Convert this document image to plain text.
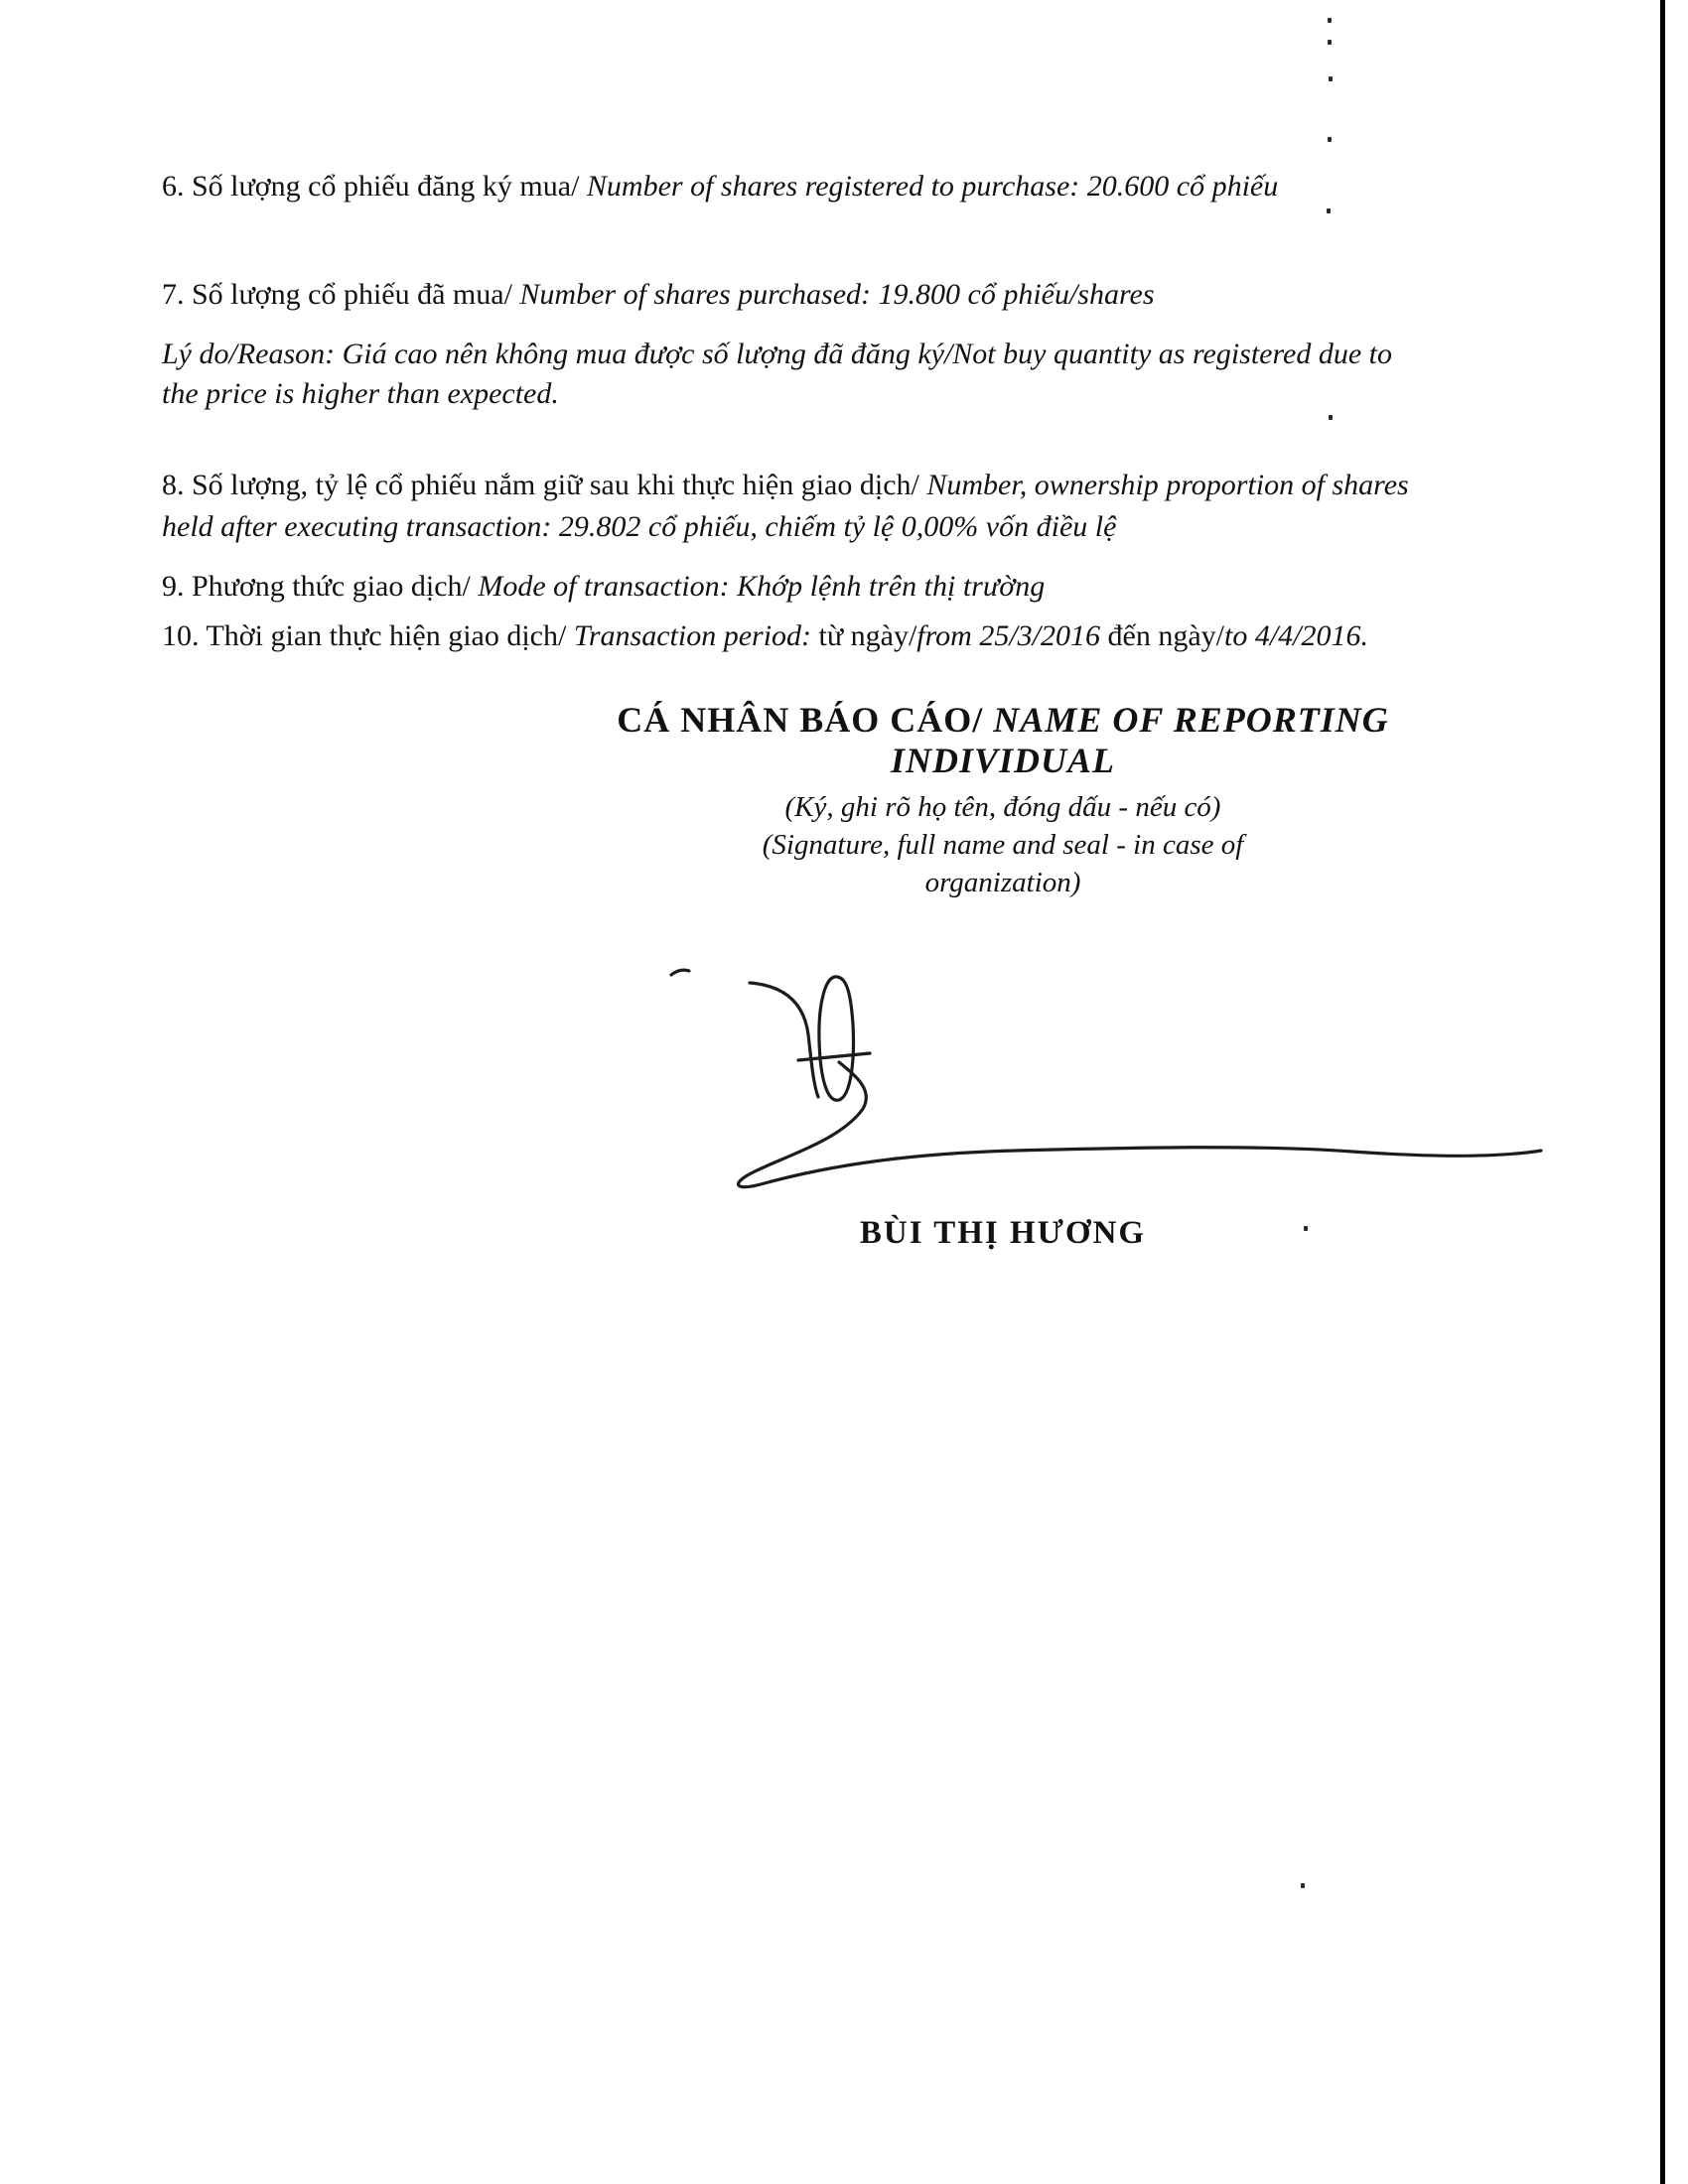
6. Số lượng cổ phiếu đăng ký mua/ Number of shares registered to purchase: 20.600 cổ phiếu

7. Số lượng cổ phiếu đã mua/ Number of shares purchased: 19.800 cổ phiếu/shares

Lý do/Reason: Giá cao nên không mua được số lượng đã đăng ký/Not buy quantity as registered due to

the price is higher than expected.

8. Số lượng, tỷ lệ cổ phiếu nắm giữ sau khi thực hiện giao dịch/ Number, ownership proportion of shares

held after executing transaction: 29.802 cổ phiếu, chiếm tỷ lệ 0,00% vốn điều lệ

9. Phương thức giao dịch/ Mode of transaction: Khớp lệnh trên thị trường

10. Thời gian thực hiện giao dịch/ Transaction period: từ ngày/from 25/3/2016 đến ngày/to 4/4/2016.

CÁ NHÂN BÁO CÁO/ NAME OF REPORTING
INDIVIDUAL
(Ký, ghi rõ họ tên, đóng dấu - nếu có)
(Signature, full name and seal - in case of
organization)
BÙI THỊ HƯƠNG
